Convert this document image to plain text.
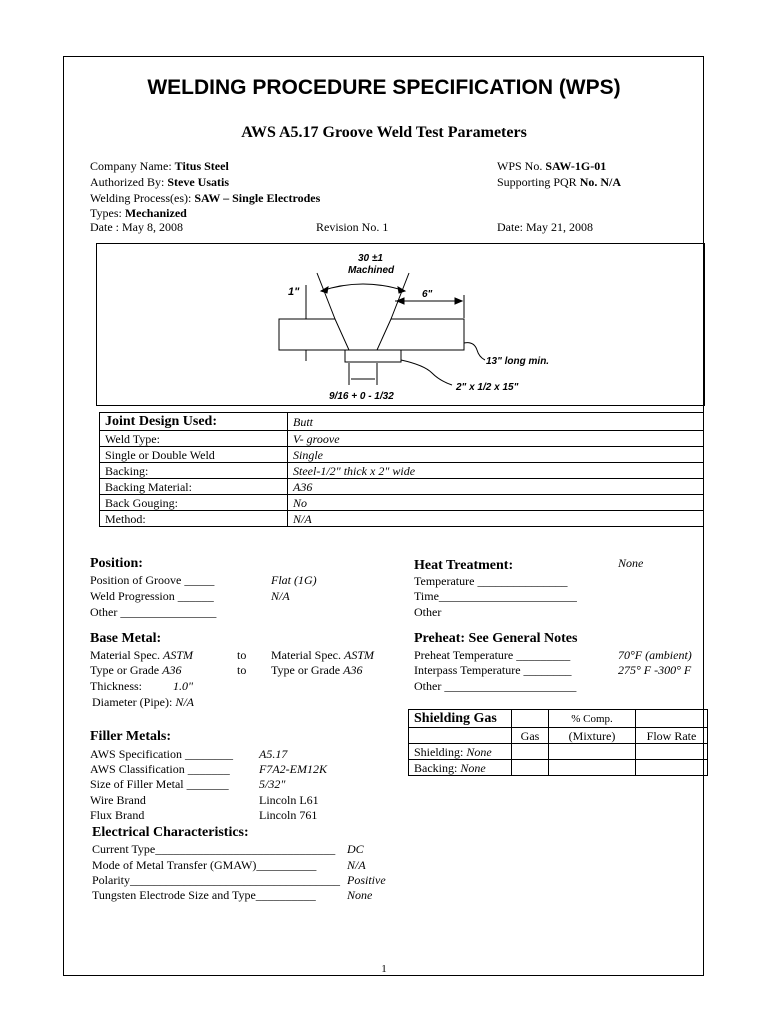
WELDING PROCEDURE SPECIFICATION (WPS)
AWS A5.17 Groove Weld Test Parameters
Company Name: Titus Steel
Authorized By: Steve Usatis
Welding Process(es): SAW – Single Electrodes
Types: Mechanized
Date : May 8, 2008	Revision No. 1	Date: May 21, 2008
WPS No. SAW-1G-01
Supporting PQR No. N/A
30 ±1
Machined
1"	6"
13" long min.
2" x 1/2 x 15"
9/16 + 0 - 1/32
Joint Design Used:	Butt
Weld Type:	V- groove
Single or Double Weld	Single
Backing:	Steel-1/2" thick x 2" wide
Backing Material:	A36
Back Gouging:	No
Method:	N/A
Position:
Position of Groove _____	Flat (1G)
Weld Progression ______	N/A
Other ________________
Heat Treatment:	None
Temperature _______________
Time_______________________
Other
Base Metal:
Material Spec. ASTM	to Material Spec. ASTM
Type or Grade A36	to Type or Grade A36
Thickness:	1.0"
Diameter (Pipe): N/A
Preheat: See General Notes
Preheat Temperature _________	70°F (ambient)
Interpass Temperature ________	275° F -300° F
Other ______________________
Shielding Gas		% Comp.	
	Gas	(Mixture)	Flow Rate
Shielding: None			
Backing: None			
Filler Metals:
AWS Specification ________ A5.17
AWS Classification _______ F7A2-EM12K
Size of Filler Metal _______	5/32"
Wire Brand	Lincoln L61
Flux Brand	Lincoln 761
Electrical Characteristics:
Current Type______________________________ DC
Mode of Metal Transfer (GMAW)__________	N/A
Polarity___________________________________ Positive
Tungsten Electrode Size and Type__________	None
1
